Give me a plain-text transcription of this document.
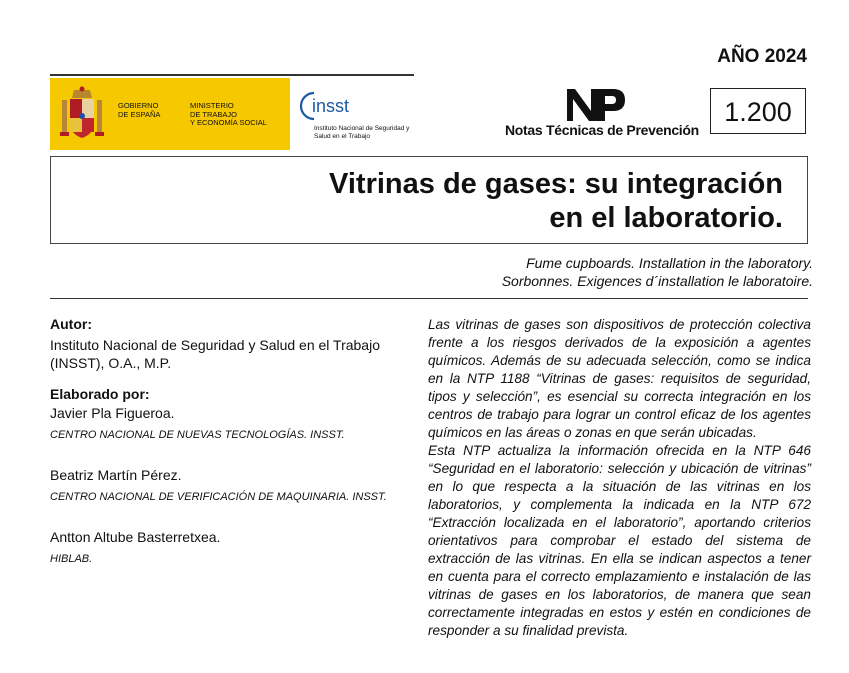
AÑO 2024
GOBIERNO
DE ESPAÑA
MINISTERIO
DE TRABAJO
Y ECONOMÍA SOCIAL
insst
Instituto Nacional de Seguridad y Salud en el Trabajo	Notas Técnicas de Prevención
1.200
Vitrinas de gases: su integración
en el laboratorio.
Fume cupboards. Installation in the laboratory.
Sorbonnes. Exigences d´installation le laboratoire.
Autor:

Instituto Nacional de Seguridad y Salud en el Trabajo (INSST), O.A., M.P.

Elaborado por:

Javier Pla Figueroa.

CENTRO NACIONAL DE NUEVAS TECNOLOGÍAS. INSST.

Beatriz Martín Pérez.

CENTRO NACIONAL DE VERIFICACIÓN DE MAQUINARIA. INSST.

Antton Altube Basterretxea.

HIBLAB.

Las vitrinas de gases son dispositivos de protección colectiva frente a los riesgos derivados de la exposición a agentes químicos. Además de su adecuada selección, como se indica en la NTP 1188 “Vitrinas de gases: requisitos de seguridad, tipos y selección”, es esencial su correcta integración en los centros de trabajo para lograr un control eficaz de los agentes químicos en las áreas o zonas en que serán ubicadas.

Esta NTP actualiza la información ofrecida en la NTP 646 “Seguridad en el laboratorio: selección y ubicación de vitrinas” en lo que respecta a la situación de las vitrinas en los laboratorios, y complementa la indicada en la NTP 672 “Extracción localizada en el laboratorio”, aportando criterios orientativos para comprobar el estado del sistema de extracción de las vitrinas. En ella se indican aspectos a tener en cuenta para el correcto emplazamiento e instalación de las vitrinas de gases en los laboratorios, de manera que sean correctamente integradas en estos y estén en condiciones de responder a su finalidad prevista.
